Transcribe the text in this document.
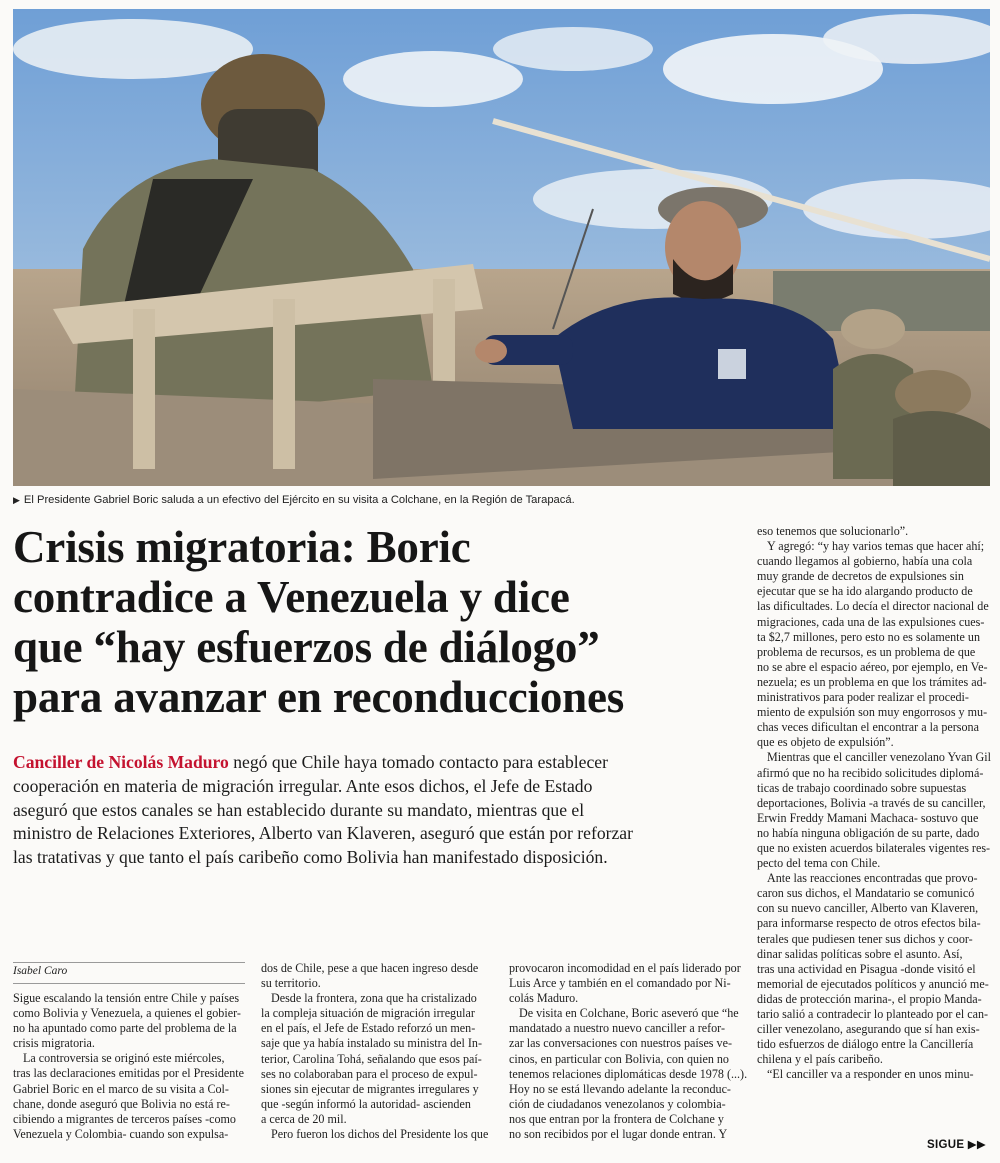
▶ El Presidente Gabriel Boric saluda a un efectivo del Ejército en su visita a Colchane, en la Región de Tarapacá.
Crisis migratoria: Boric
contradice a Venezuela y dice
que “hay esfuerzos de diálogo”
para avanzar en reconducciones
Canciller de Nicolás Maduro negó que Chile haya tomado contacto para establecer
cooperación en materia de migración irregular. Ante esos dichos, el Jefe de Estado
aseguró que estos canales se han establecido durante su mandato, mientras que el
ministro de Relaciones Exteriores, Alberto van Klaveren, aseguró que están por reforzar
las tratativas y que tanto el país caribeño como Bolivia han manifestado disposición.
Isabel Caro
Sigue escalando la tensión entre Chile y países
como Bolivia y Venezuela, a quienes el gobier-
no ha apuntado como parte del problema de la
crisis migratoria.
La controversia se originó este miércoles,
tras las declaraciones emitidas por el Presidente
Gabriel Boric en el marco de su visita a Col-
chane, donde aseguró que Bolivia no está re-
cibiendo a migrantes de terceros países -como
Venezuela y Colombia- cuando son expulsa-
dos de Chile, pese a que hacen ingreso desde
su territorio.
Desde la frontera, zona que ha cristalizado
la compleja situación de migración irregular
en el país, el Jefe de Estado reforzó un men-
saje que ya había instalado su ministra del In-
terior, Carolina Tohá, señalando que esos paí-
ses no colaboraban para el proceso de expul-
siones sin ejecutar de migrantes irregulares y
que -según informó la autoridad- ascienden
a cerca de 20 mil.
Pero fueron los dichos del Presidente los que
provocaron incomodidad en el país liderado por
Luis Arce y también en el comandado por Ni-
colás Maduro.
De visita en Colchane, Boric aseveró que “he
mandatado a nuestro nuevo canciller a refor-
zar las conversaciones con nuestros países ve-
cinos, en particular con Bolivia, con quien no
tenemos relaciones diplomáticas desde 1978 (...).
Hoy no se está llevando adelante la reconduc-
ción de ciudadanos venezolanos y colombia-
nos que entran por la frontera de Colchane y
no son recibidos por el lugar donde entran. Y
eso tenemos que solucionarlo”.
Y agregó: “y hay varios temas que hacer ahí;
cuando llegamos al gobierno, había una cola
muy grande de decretos de expulsiones sin
ejecutar que se ha ido alargando producto de
las dificultades. Lo decía el director nacional de
migraciones, cada una de las expulsiones cues-
ta $2,7 millones, pero esto no es solamente un
problema de recursos, es un problema de que
no se abre el espacio aéreo, por ejemplo, en Ve-
nezuela; es un problema en que los trámites ad-
ministrativos para poder realizar el procedi-
miento de expulsión son muy engorrosos y mu-
chas veces dificultan el encontrar a la persona
que es objeto de expulsión”.
Mientras que el canciller venezolano Yvan Gil
afirmó que no ha recibido solicitudes diplomá-
ticas de trabajo coordinado sobre supuestas
deportaciones, Bolivia -a través de su canciller,
Erwin Freddy Mamani Machaca- sostuvo que
no había ninguna obligación de su parte, dado
que no existen acuerdos bilaterales vigentes res-
pecto del tema con Chile.
Ante las reacciones encontradas que provo-
caron sus dichos, el Mandatario se comunicó
con su nuevo canciller, Alberto van Klaveren,
para informarse respecto de otros efectos bila-
terales que pudiesen tener sus dichos y coor-
dinar salidas políticas sobre el asunto. Así,
tras una actividad en Pisagua -donde visitó el
memorial de ejecutados políticos y anunció me-
didas de protección marina-, el propio Manda-
tario salió a contradecir lo planteado por el can-
ciller venezolano, asegurando que sí han exis-
tido esfuerzos de diálogo entre la Cancillería
chilena y el país caribeño.
“El canciller va a responder en unos minu-
SIGUE ▶▶
